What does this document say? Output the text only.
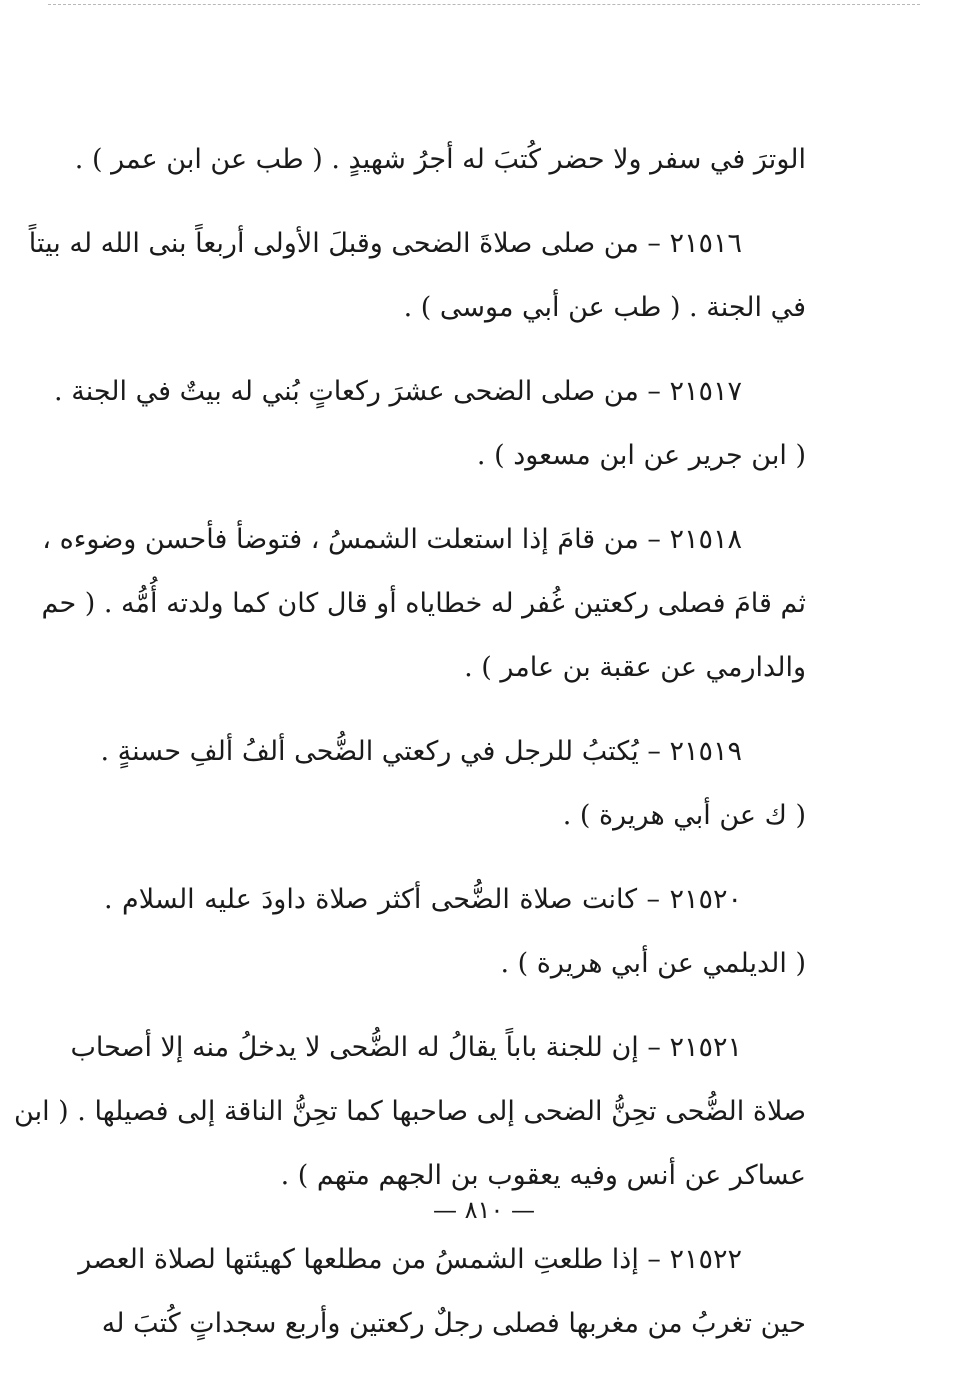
الوترَ في سفر ولا حضر كُتبَ له أجرُ شهيدٍ . ( طب عن ابن عمر ) .
٢١٥١٦ – من صلى صلاةَ الضحى وقبلَ الأولى أربعاً بنى الله له بيتاً
في الجنة . ( طب عن أبي موسى ) .
٢١٥١٧ – من صلى الضحى عشرَ ركعاتٍ بُني له بيتٌ في الجنة .
( ابن جرير عن ابن مسعود ) .
٢١٥١٨ – من قامَ إذا استعلت الشمسُ ، فتوضأ فأحسن وضوءه ،
ثم قامَ فصلى ركعتين غُفر له خطاياه أو قال كان كما ولدته أُمُّه . ( حم
والدارمي عن عقبة بن عامر ) .
٢١٥١٩ – يُكتبُ للرجل في ركعتي الضُّحى ألفُ ألفِ حسنةٍ .
( ك عن أبي هريرة ) .
٢١٥٢٠ – كانت صلاة الضُّحى أكثر صلاة داودَ عليه السلام .
( الديلمي عن أبي هريرة ) .
٢١٥٢١ – إن للجنة باباً يقالُ له الضُّحى لا يدخلُ منه إلا أصحاب
صلاة الضُّحى تحِنُّ الضحى إلى صاحبها كما تحِنُّ الناقة إلى فصيلها . ( ابن
عساكر عن أنس وفيه يعقوب بن الجهم متهم ) .
٢١٥٢٢ – إذا طلعتِ الشمسُ من مطلعها كهيئتها لصلاة العصر
حين تغربُ من مغربها فصلى رجلٌ ركعتين وأربع سجداتٍ كُتبَ له
— ٨١٠ —
